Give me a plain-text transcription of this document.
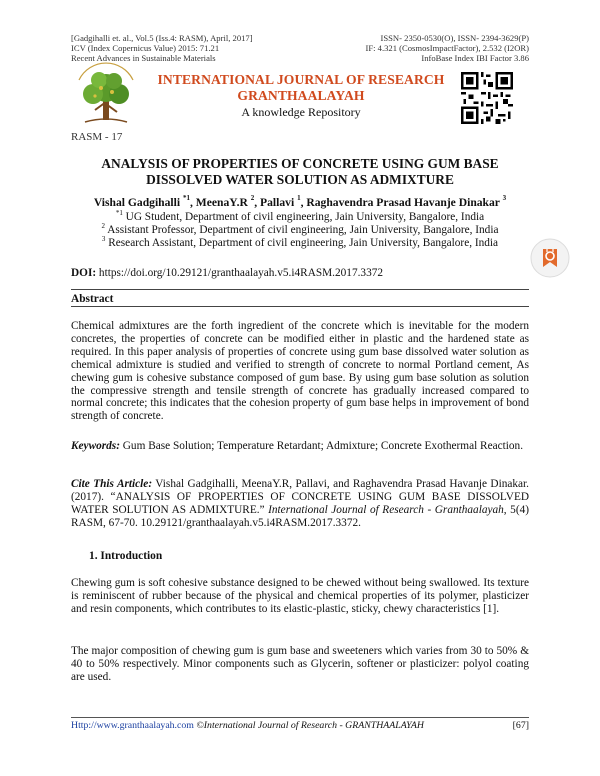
[Gadgihalli et. al., Vol.5 (Iss.4: RASM), April, 2017]
ICV (Index Copernicus Value) 2015: 71.21
Recent Advances in Sustainable Materials
ISSN- 2350-0530(O), ISSN- 2394-3629(P)
IF: 4.321 (CosmosImpactFactor), 2.532 (I2OR)
InfoBase Index IBI Factor 3.86
INTERNATIONAL JOURNAL OF RESEARCH
GRANTHAALAYAH
A knowledge Repository
RASM - 17
ANALYSIS OF PROPERTIES OF CONCRETE USING GUM BASE
DISSOLVED WATER SOLUTION AS ADMIXTURE
Vishal Gadgihalli $^{*1}$, MeenaY.R $^2$, Pallavi $^1$, Raghavendra Prasad Havanje Dinakar $^3$
$^{*1}$ UG Student, Department of civil engineering, Jain University, Bangalore, India
$^2$ Assistant Professor, Department of civil engineering, Jain University, Bangalore, India
$^3$ Research Assistant, Department of civil engineering, Jain University, Bangalore, India
DOI: https://doi.org/10.29121/granthaalayah.v5.i4RASM.2017.3372
Abstract
Chemical admixtures are the forth ingredient of the concrete which is inevitable for the modern concretes, the properties of concrete can be modified either in plastic and the hardened state as required. In this paper analysis of properties of concrete using gum base dissolved water solution as chemical admixture is studied and verified to strength of concrete to normal Portland cement, As chewing gum is cohesive substance composed of gum base. By using gum base solution as solution the compressive strength and tensile strength of concrete has gradually increased compared to normal concrete; this indicates that the cohesion property of gum base helps in improvement of bond strength of concrete.
Keywords: Gum Base Solution; Temperature Retardant; Admixture; Concrete Exothermal Reaction.
Cite This Article: Vishal Gadgihalli, MeenaY.R, Pallavi, and Raghavendra Prasad Havanje Dinakar. (2017). “ANALYSIS OF PROPERTIES OF CONCRETE USING GUM BASE DISSOLVED WATER SOLUTION AS ADMIXTURE.” International Journal of Research - Granthaalayah, 5(4) RASM, 67-70. 10.29121/granthaalayah.v5.i4RASM.2017.3372.
1. Introduction
Chewing gum is soft cohesive substance designed to be chewed without being swallowed. Its texture is reminiscent of rubber because of the physical and chemical properties of its polymer, plasticizer and resin components, which contributes to its elastic-plastic, sticky, chewy characteristics [1].
The major composition of chewing gum is gum base and sweeteners which varies from 30 to 50% & 40 to 50% respectively. Minor components such as Glycerin, softener or plasticizer: polyol coating are used.
Http://www.granthaalayah.com ©International Journal of Research - GRANTHAALAYAH	[67]
